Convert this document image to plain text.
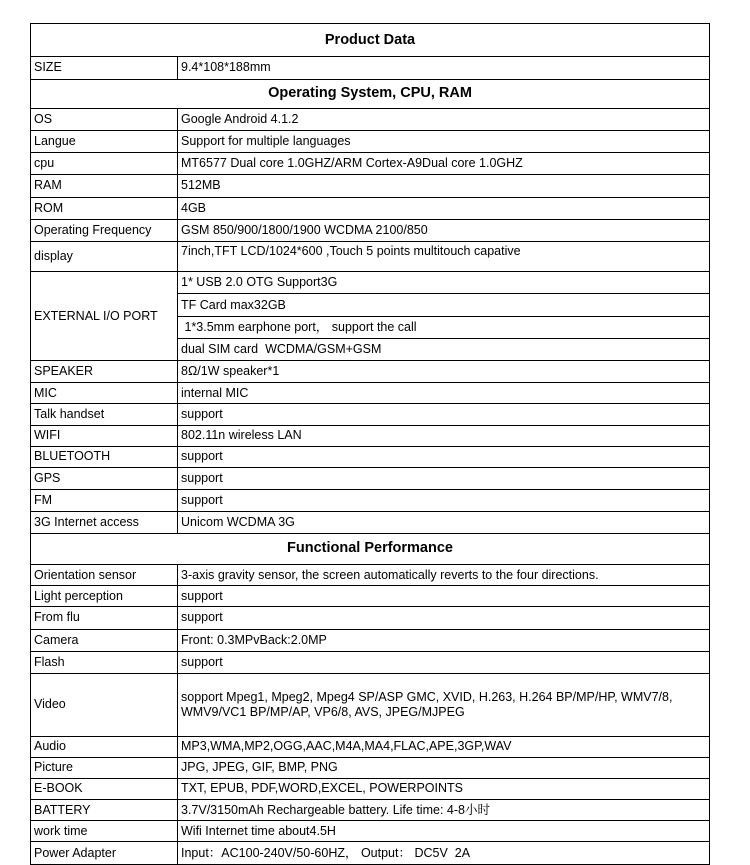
Product Data	
SIZE	9.4*108*188mm
Operating System, CPU, RAM	
OS	Google Android 4.1.2
Langue	Support for multiple languages
cpu	MT6577 Dual core 1.0GHZ/ARM Cortex-A9Dual core 1.0GHZ
RAM	512MB
ROM	4GB
Operating Frequency	GSM 850/900/1800/1900 WCDMA 2100/850
display	7inch,TFT LCD/1024*600 ,Touch 5 points multitouch capative
EXTERNAL I/O PORT	1* USB 2.0 OTG Support3G
	TF Card max32GB
	1*3.5mm earphone port， support the call
	dual SIM card  WCDMA/GSM+GSM
SPEAKER	8Ω/1W speaker*1
MIC	internal MIC
Talk handset	support
WIFI	802.11n wireless LAN
BLUETOOTH	support
GPS	support
FM	support
3G Internet access	Unicom WCDMA 3G
Functional Performance	
Orientation sensor	3-axis gravity sensor, the screen automatically reverts to the four directions.
Light perception	support
From flu	support
Camera	Front: 0.3MPvBack:2.0MP
Flash	support
Video	sopport Mpeg1, Mpeg2, Mpeg4 SP/ASP GMC, XVID, H.263, H.264 BP/MP/HP, WMV7/8, WMV9/VC1 BP/MP/AP, VP6/8, AVS, JPEG/MJPEG
Audio	MP3,WMA,MP2,OGG,AAC,M4A,MA4,FLAC,APE,3GP,WAV
Picture	JPG, JPEG, GIF, BMP, PNG
E-BOOK	TXT, EPUB, PDF,WORD,EXCEL, POWERPOINTS
BATTERY	3.7V/3150mAh Rechargeable battery. Life time: 4-8小时
work time	Wifi Internet time about4.5H
Power Adapter	Input：AC100-240V/50-60HZ， Output： DC5V  2A
